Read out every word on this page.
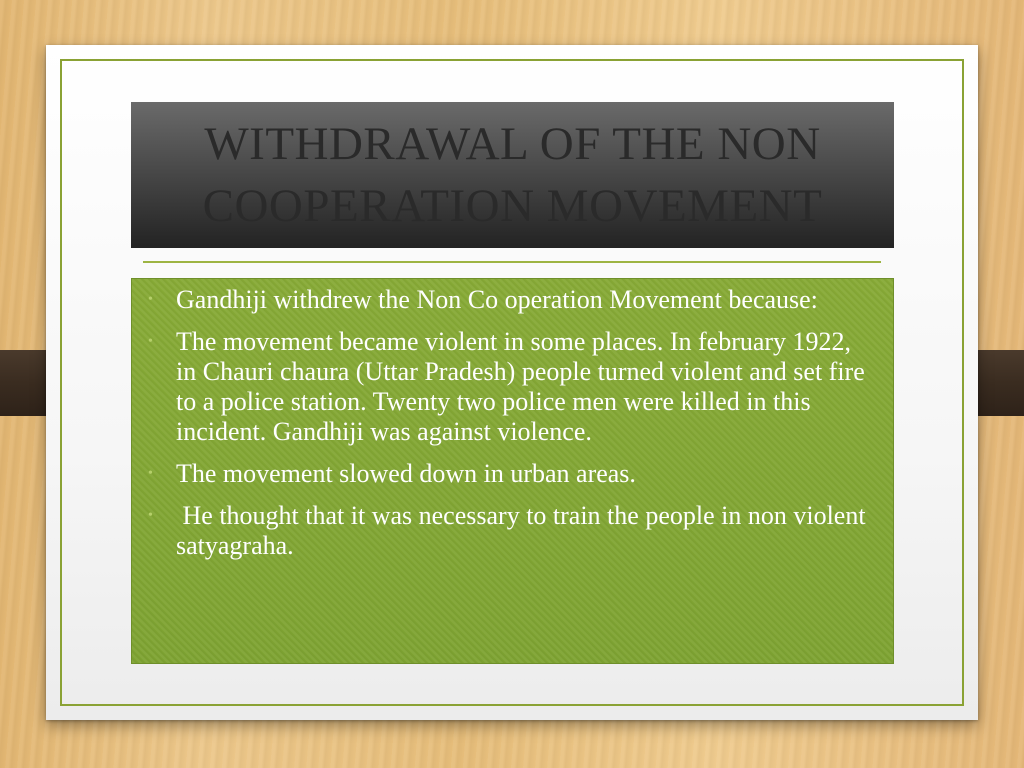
WITHDRAWAL OF THE NON COOPERATION MOVEMENT
• Gandhiji withdrew the Non Co operation Movement because:
• The movement became violent in some places. In february 1922, in Chauri chaura (Uttar Pradesh) people turned violent and set fire to a police station. Twenty two police men were killed in this incident. Gandhiji was against violence.
• The movement slowed down in urban areas.
• He thought that it was necessary to train the people in non violent satyagraha.
